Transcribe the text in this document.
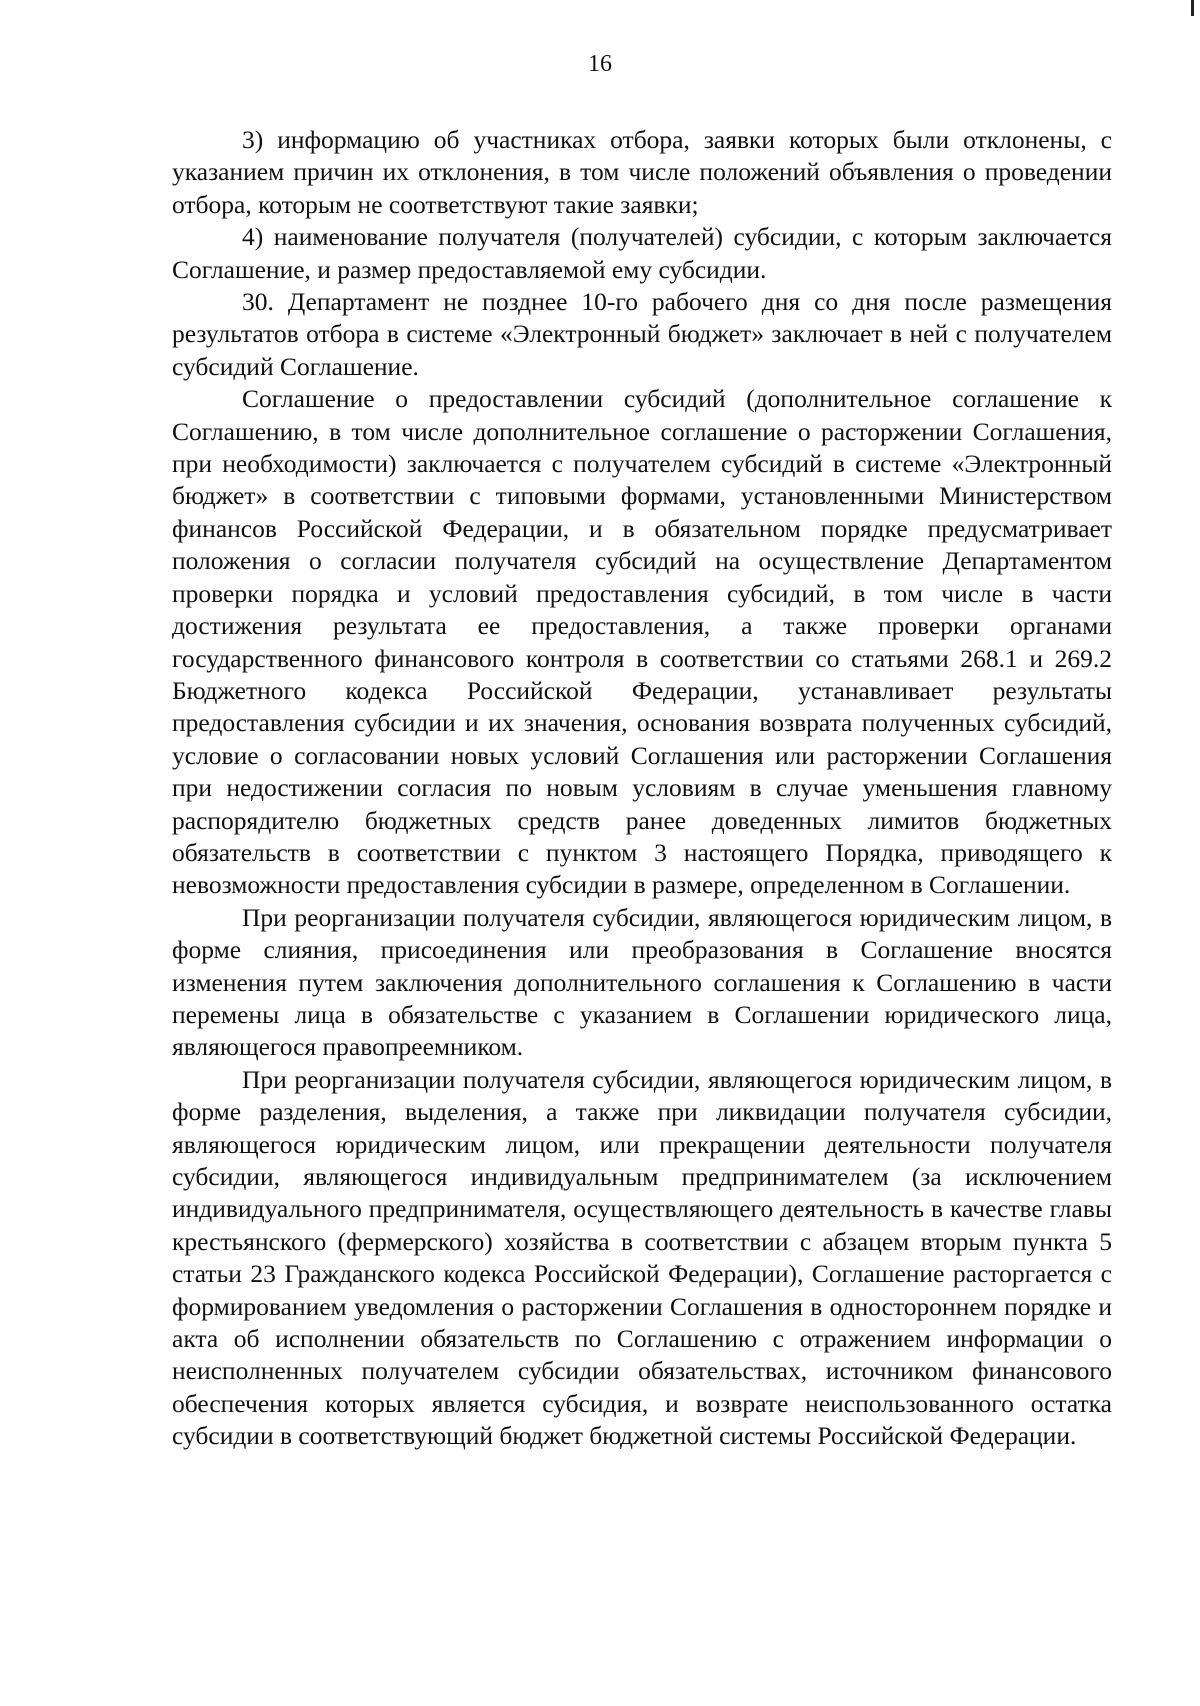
16

3) информацию об участниках отбора, заявки которых были отклонены, с указанием причин их отклонения, в том числе положений объявления о проведении отбора, которым не соответствуют такие заявки;

4) наименование получателя (получателей) субсидии, с которым заключается Соглашение, и размер предоставляемой ему субсидии.

30. Департамент не позднее 10-го рабочего дня со дня после размещения результатов отбора в системе «Электронный бюджет» заключает в ней с получателем субсидий Соглашение.

Соглашение о предоставлении субсидий (дополнительное соглашение к Соглашению, в том числе дополнительное соглашение о расторжении Соглашения, при необходимости) заключается с получателем субсидий в системе «Электронный бюджет» в соответствии с типовыми формами, установленными Министерством финансов Российской Федерации, и в обязательном порядке предусматривает положения о согласии получателя субсидий на осуществление Департаментом проверки порядка и условий предоставления субсидий, в том числе в части достижения результата ее предоставления, а также проверки органами государственного финансового контроля в соответствии со статьями 268.1 и 269.2 Бюджетного кодекса Российской Федерации, устанавливает результаты предоставления субсидии и их значения, основания возврата полученных субсидий, условие о согласовании новых условий Соглашения или расторжении Соглашения при недостижении согласия по новым условиям в случае уменьшения главному распорядителю бюджетных средств ранее доведенных лимитов бюджетных обязательств в соответствии с пунктом 3 настоящего Порядка, приводящего к невозможности предоставления субсидии в размере, определенном в Соглашении.

При реорганизации получателя субсидии, являющегося юридическим лицом, в форме слияния, присоединения или преобразования в Соглашение вносятся изменения путем заключения дополнительного соглашения к Соглашению в части перемены лица в обязательстве с указанием в Соглашении юридического лица, являющегося правопреемником.

При реорганизации получателя субсидии, являющегося юридическим лицом, в форме разделения, выделения, а также при ликвидации получателя субсидии, являющегося юридическим лицом, или прекращении деятельности получателя субсидии, являющегося индивидуальным предпринимателем (за исключением индивидуального предпринимателя, осуществляющего деятельность в качестве главы крестьянского (фермерского) хозяйства в соответствии с абзацем вторым пункта 5 статьи 23 Гражданского кодекса Российской Федерации), Соглашение расторгается с формированием уведомления о расторжении Соглашения в одностороннем порядке и акта об исполнении обязательств по Соглашению с отражением информации о неисполненных получателем субсидии обязательствах, источником финансового обеспечения которых является субсидия, и возврате неиспользованного остатка субсидии в соответствующий бюджет бюджетной системы Российской Федерации.
